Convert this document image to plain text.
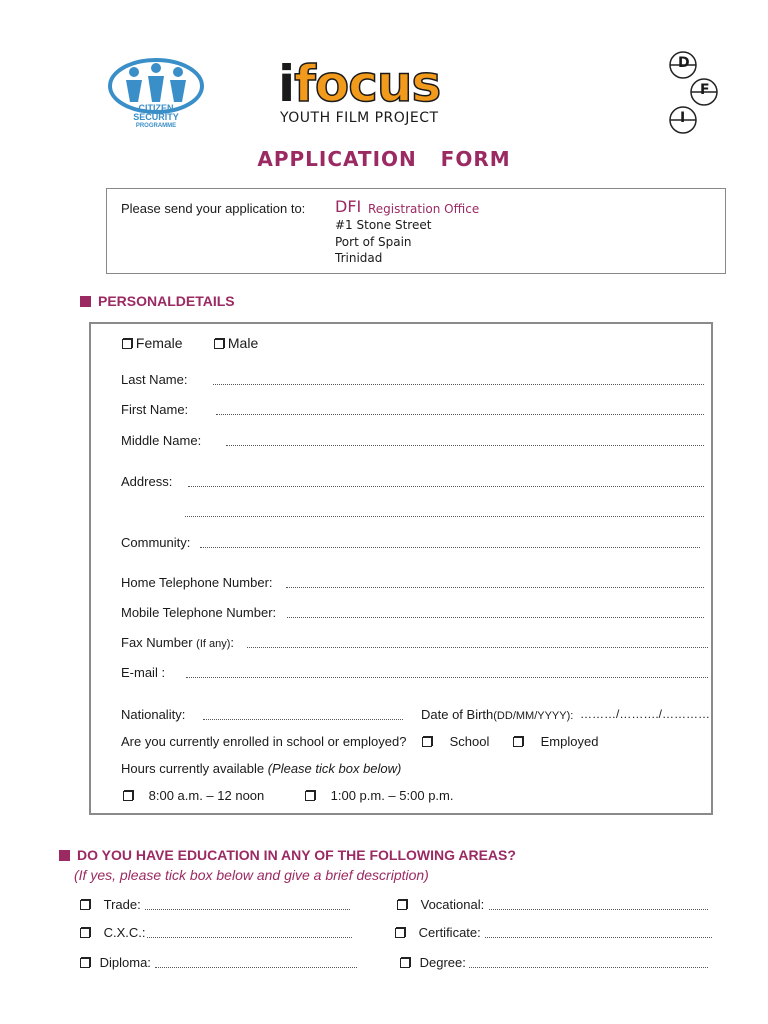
CITIZEN
SECURITY
PROGRAMME
ifocus
YOUTH FILM PROJECT
D
F
I
APPLICATION  FORM
Please send your application to: DFI Registration Office
#1 Stone Street
Port of Spain
Trinidad
PERSONALDETAILS
Female	Male
Last Name:
First Name:
Middle Name:
Address:
Community:
Home Telephone Number:
Mobile Telephone Number:
Fax Number (If any):
E-mail :
Nationality:	Date of Birth(DD/MM/YYYY): ………/………./…………
Are you currently enrolled in school or employed?	School	Employed
Hours currently available (Please tick box below)
8:00 a.m. – 12 noon	1:00 p.m. – 5:00 p.m.
DO YOU HAVE EDUCATION IN ANY OF THE FOLLOWING AREAS?
(If yes, please tick box below and give a brief description)
Trade:	Vocational:
C.X.C.:	Certificate:
Diploma:	Degree:
